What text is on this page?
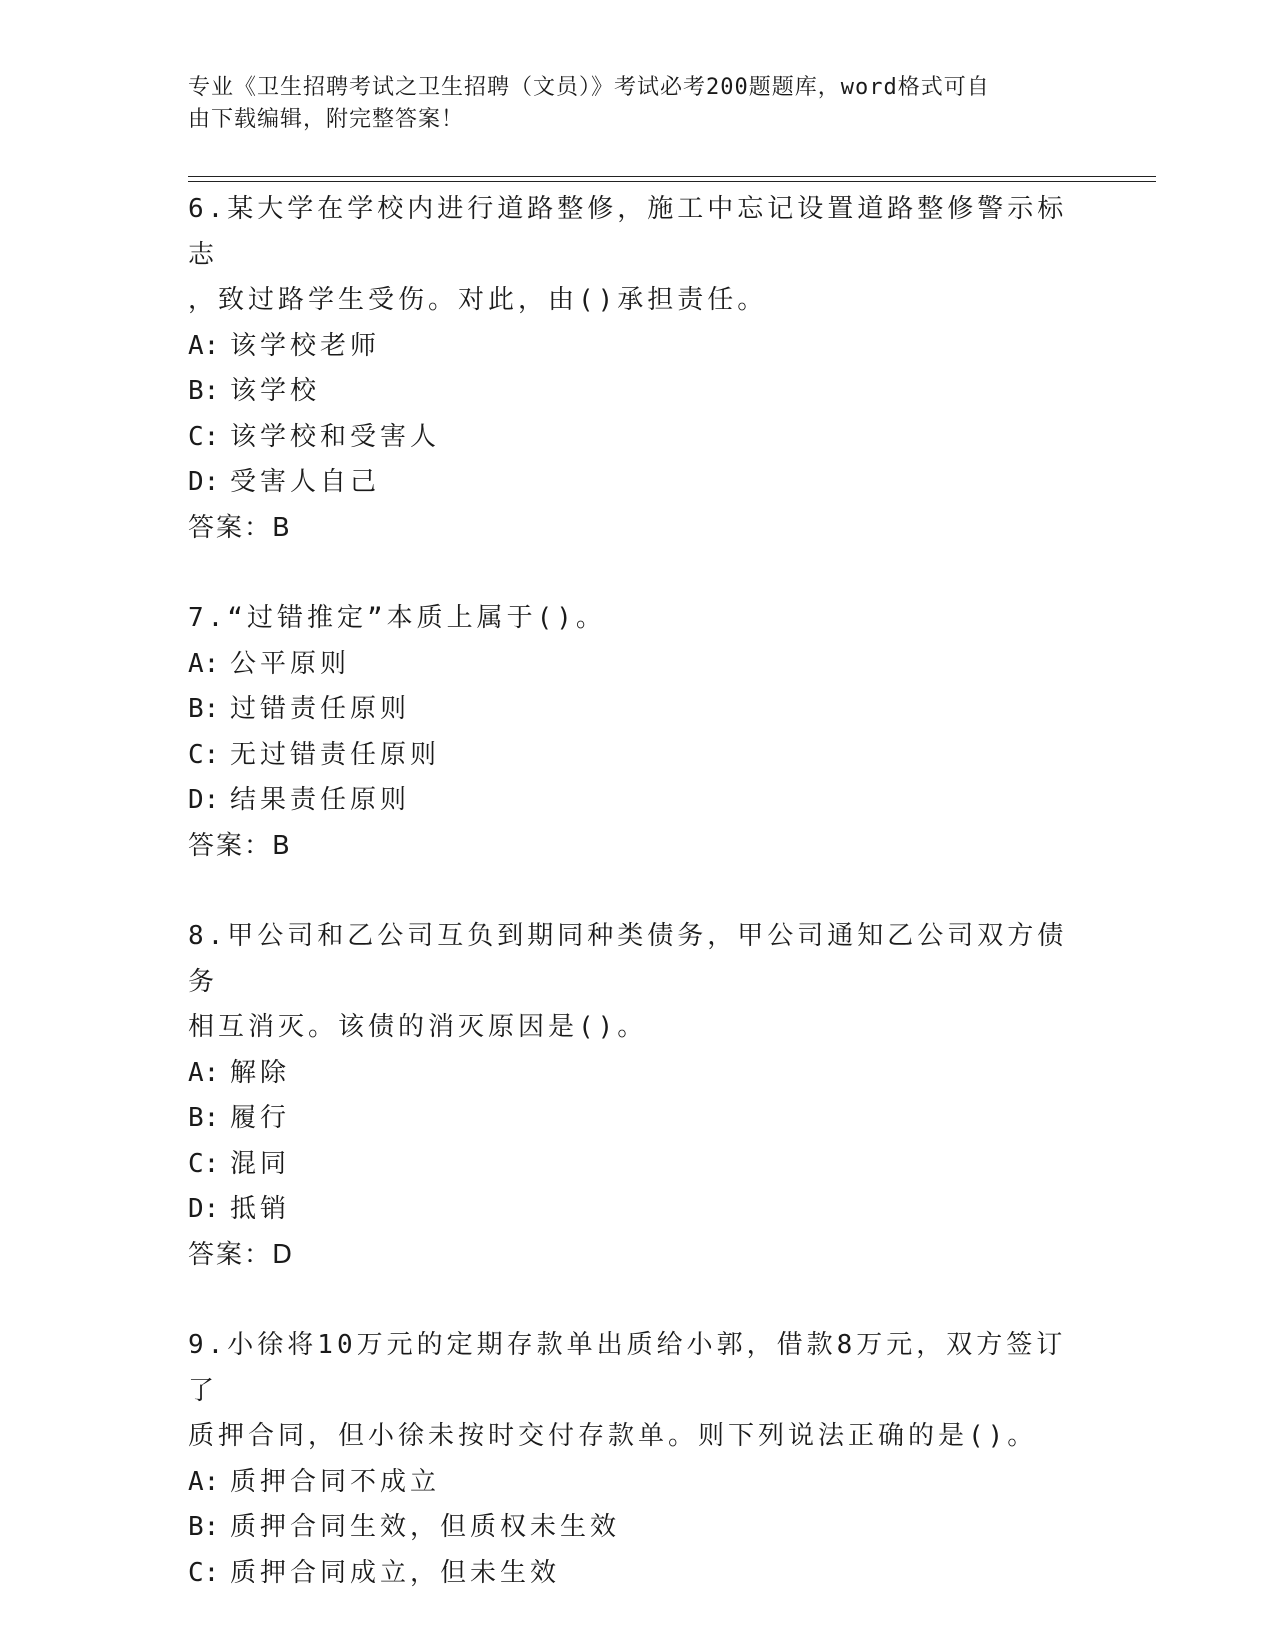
专业《卫生招聘考试之卫生招聘（文员）》考试必考200题题库，word格式可自
由下载编辑，附完整答案！
6.某大学在学校内进行道路整修，施工中忘记设置道路整修警示标志
，致过路学生受伤。对此，由()承担责任。
A: 该学校老师
B: 该学校
C: 该学校和受害人
D: 受害人自己
答案：B
7.“过错推定”本质上属于()。
A: 公平原则
B: 过错责任原则
C: 无过错责任原则
D: 结果责任原则
答案：B
8.甲公司和乙公司互负到期同种类债务，甲公司通知乙公司双方债务
相互消灭。该债的消灭原因是()。
A: 解除
B: 履行
C: 混同
D: 抵销
答案：D
9.小徐将10万元的定期存款单出质给小郭，借款8万元，双方签订了
质押合同，但小徐未按时交付存款单。则下列说法正确的是()。
A: 质押合同不成立
B: 质押合同生效，但质权未生效
C: 质押合同成立，但未生效
